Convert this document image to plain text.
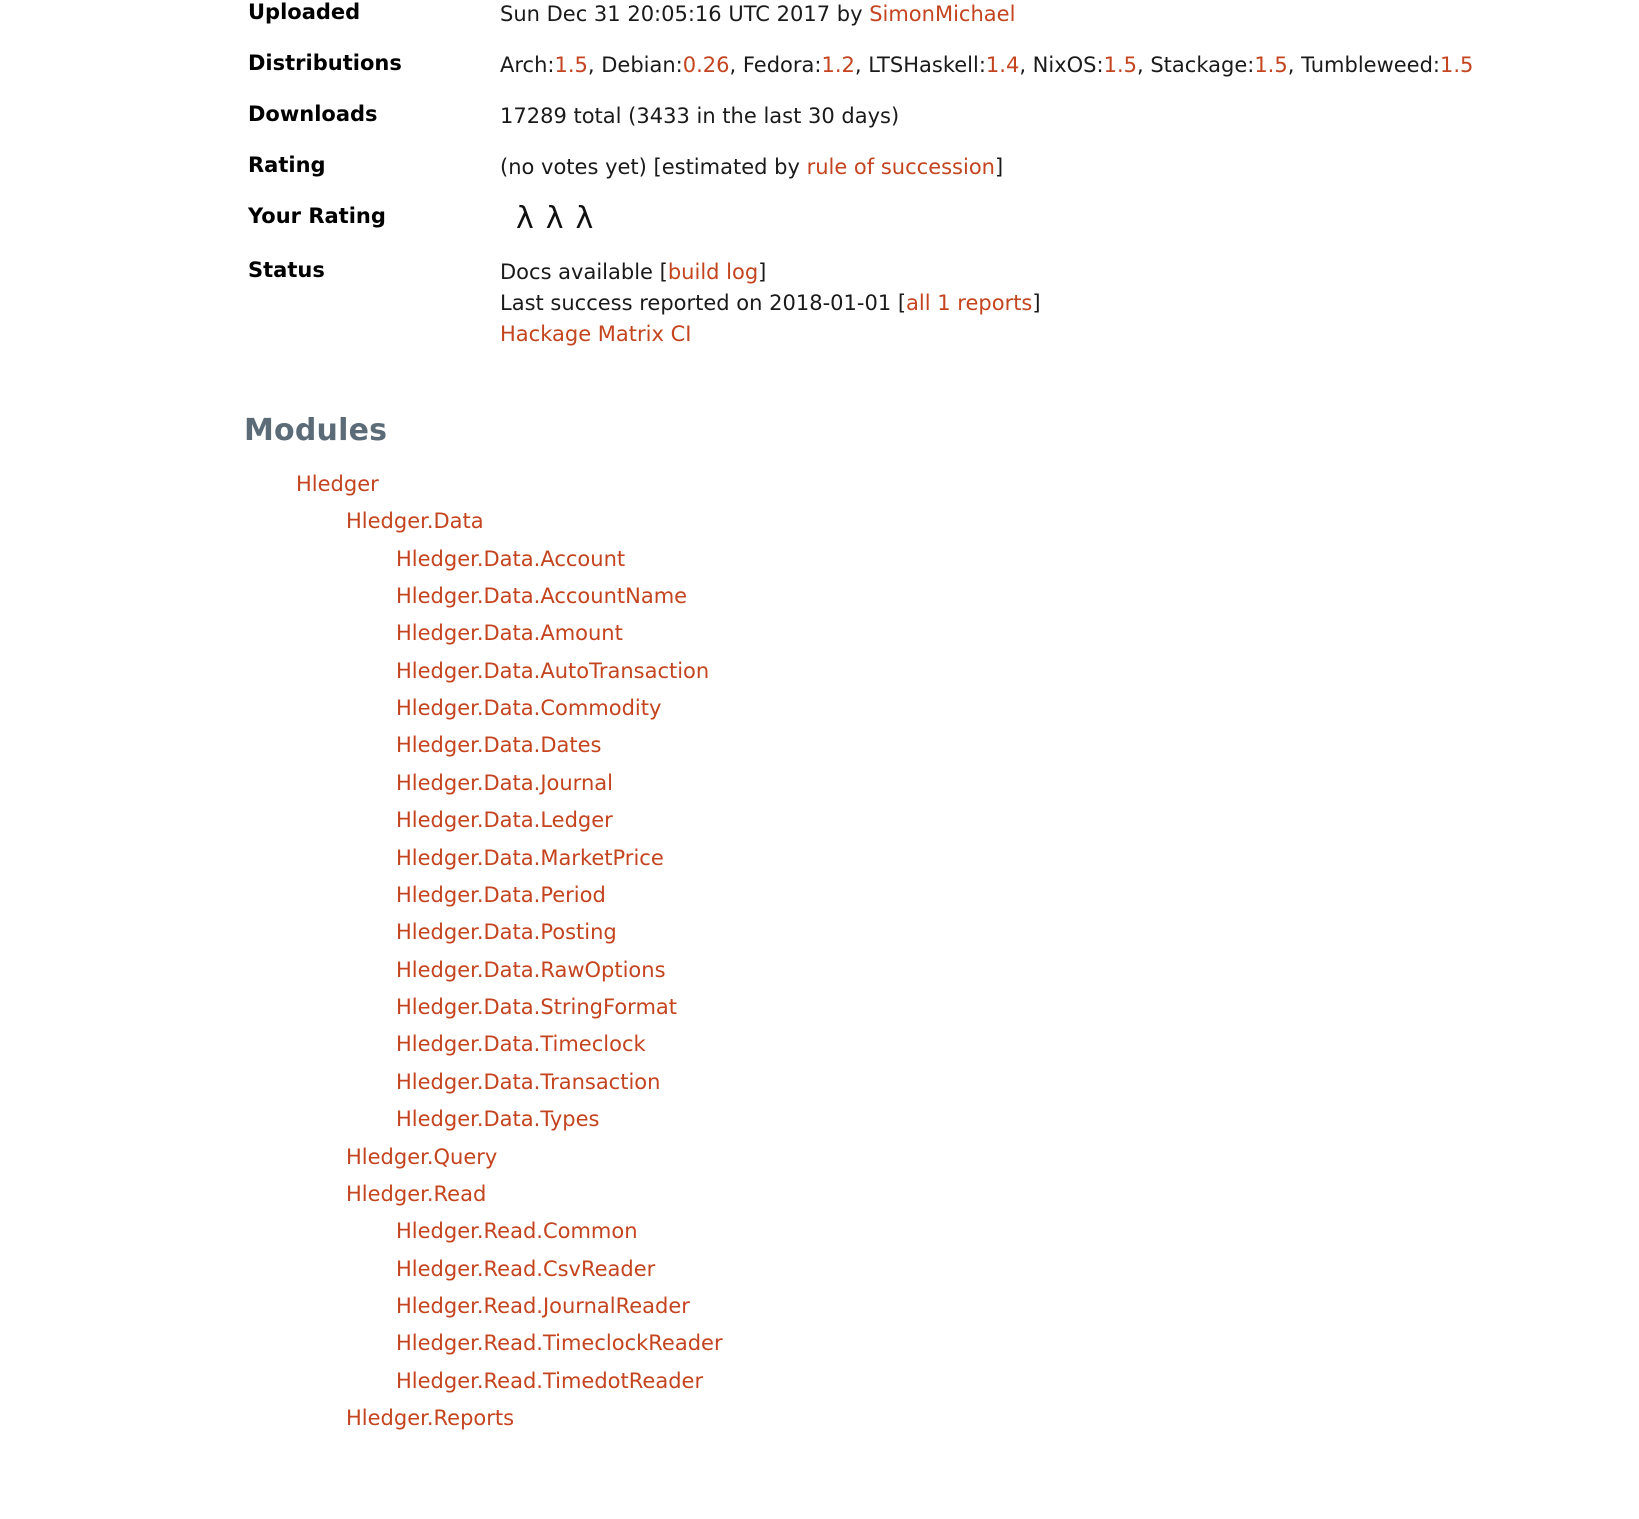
Uploaded	Sun Dec 31 20:05:16 UTC 2017 by SimonMichael
Distributions	Arch:1.5, Debian:0.26, Fedora:1.2, LTSHaskell:1.4, NixOS:1.5, Stackage:1.5, Tumbleweed:1.5
Downloads	17289 total (3433 in the last 30 days)
Rating	(no votes yet) [estimated by rule of succession]
Your Rating	λλλ
Status	Docs available [build log]
Last success reported on 2018-01-01 [all 1 reports]
Hackage Matrix CI
Modules
Hledger
Hledger.Data
Hledger.Data.Account
Hledger.Data.AccountName
Hledger.Data.Amount
Hledger.Data.AutoTransaction
Hledger.Data.Commodity
Hledger.Data.Dates
Hledger.Data.Journal
Hledger.Data.Ledger
Hledger.Data.MarketPrice
Hledger.Data.Period
Hledger.Data.Posting
Hledger.Data.RawOptions
Hledger.Data.StringFormat
Hledger.Data.Timeclock
Hledger.Data.Transaction
Hledger.Data.Types
Hledger.Query
Hledger.Read
Hledger.Read.Common
Hledger.Read.CsvReader
Hledger.Read.JournalReader
Hledger.Read.TimeclockReader
Hledger.Read.TimedotReader
Hledger.Reports
